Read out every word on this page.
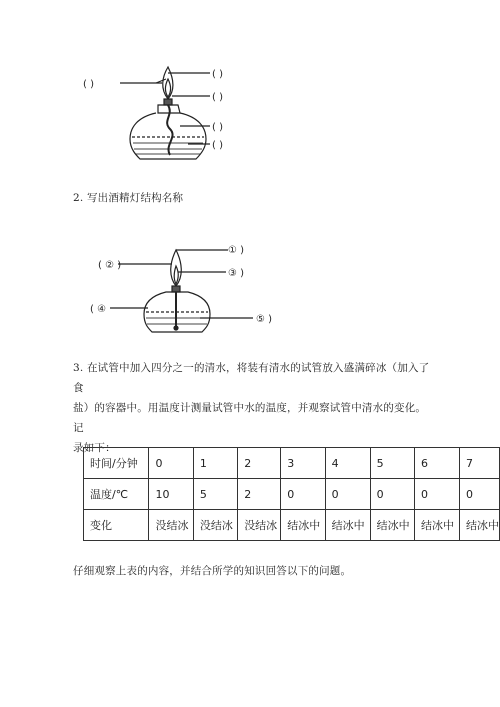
( )
( )
( )
( )
( )

2. 写出酒精灯结构名称

( ② )
① )
③ )
( ④
⑤ )
3. 在试管中加入四分之一的清水，将装有清水的试管放入盛满碎冰（加入了食
盐）的容器中。用温度计测量试管中水的温度，并观察试管中清水的变化。记
录如下：
时间/分钟	0	1	2	3	4	5	6	7
温度/℃	10	5	2	0	0	0	0	0
变化	没结冰	没结冰	没结冰	结冰中	结冰中	结冰中	结冰中	结冰中

仔细观察上表的内容，并结合所学的知识回答以下的问题。
